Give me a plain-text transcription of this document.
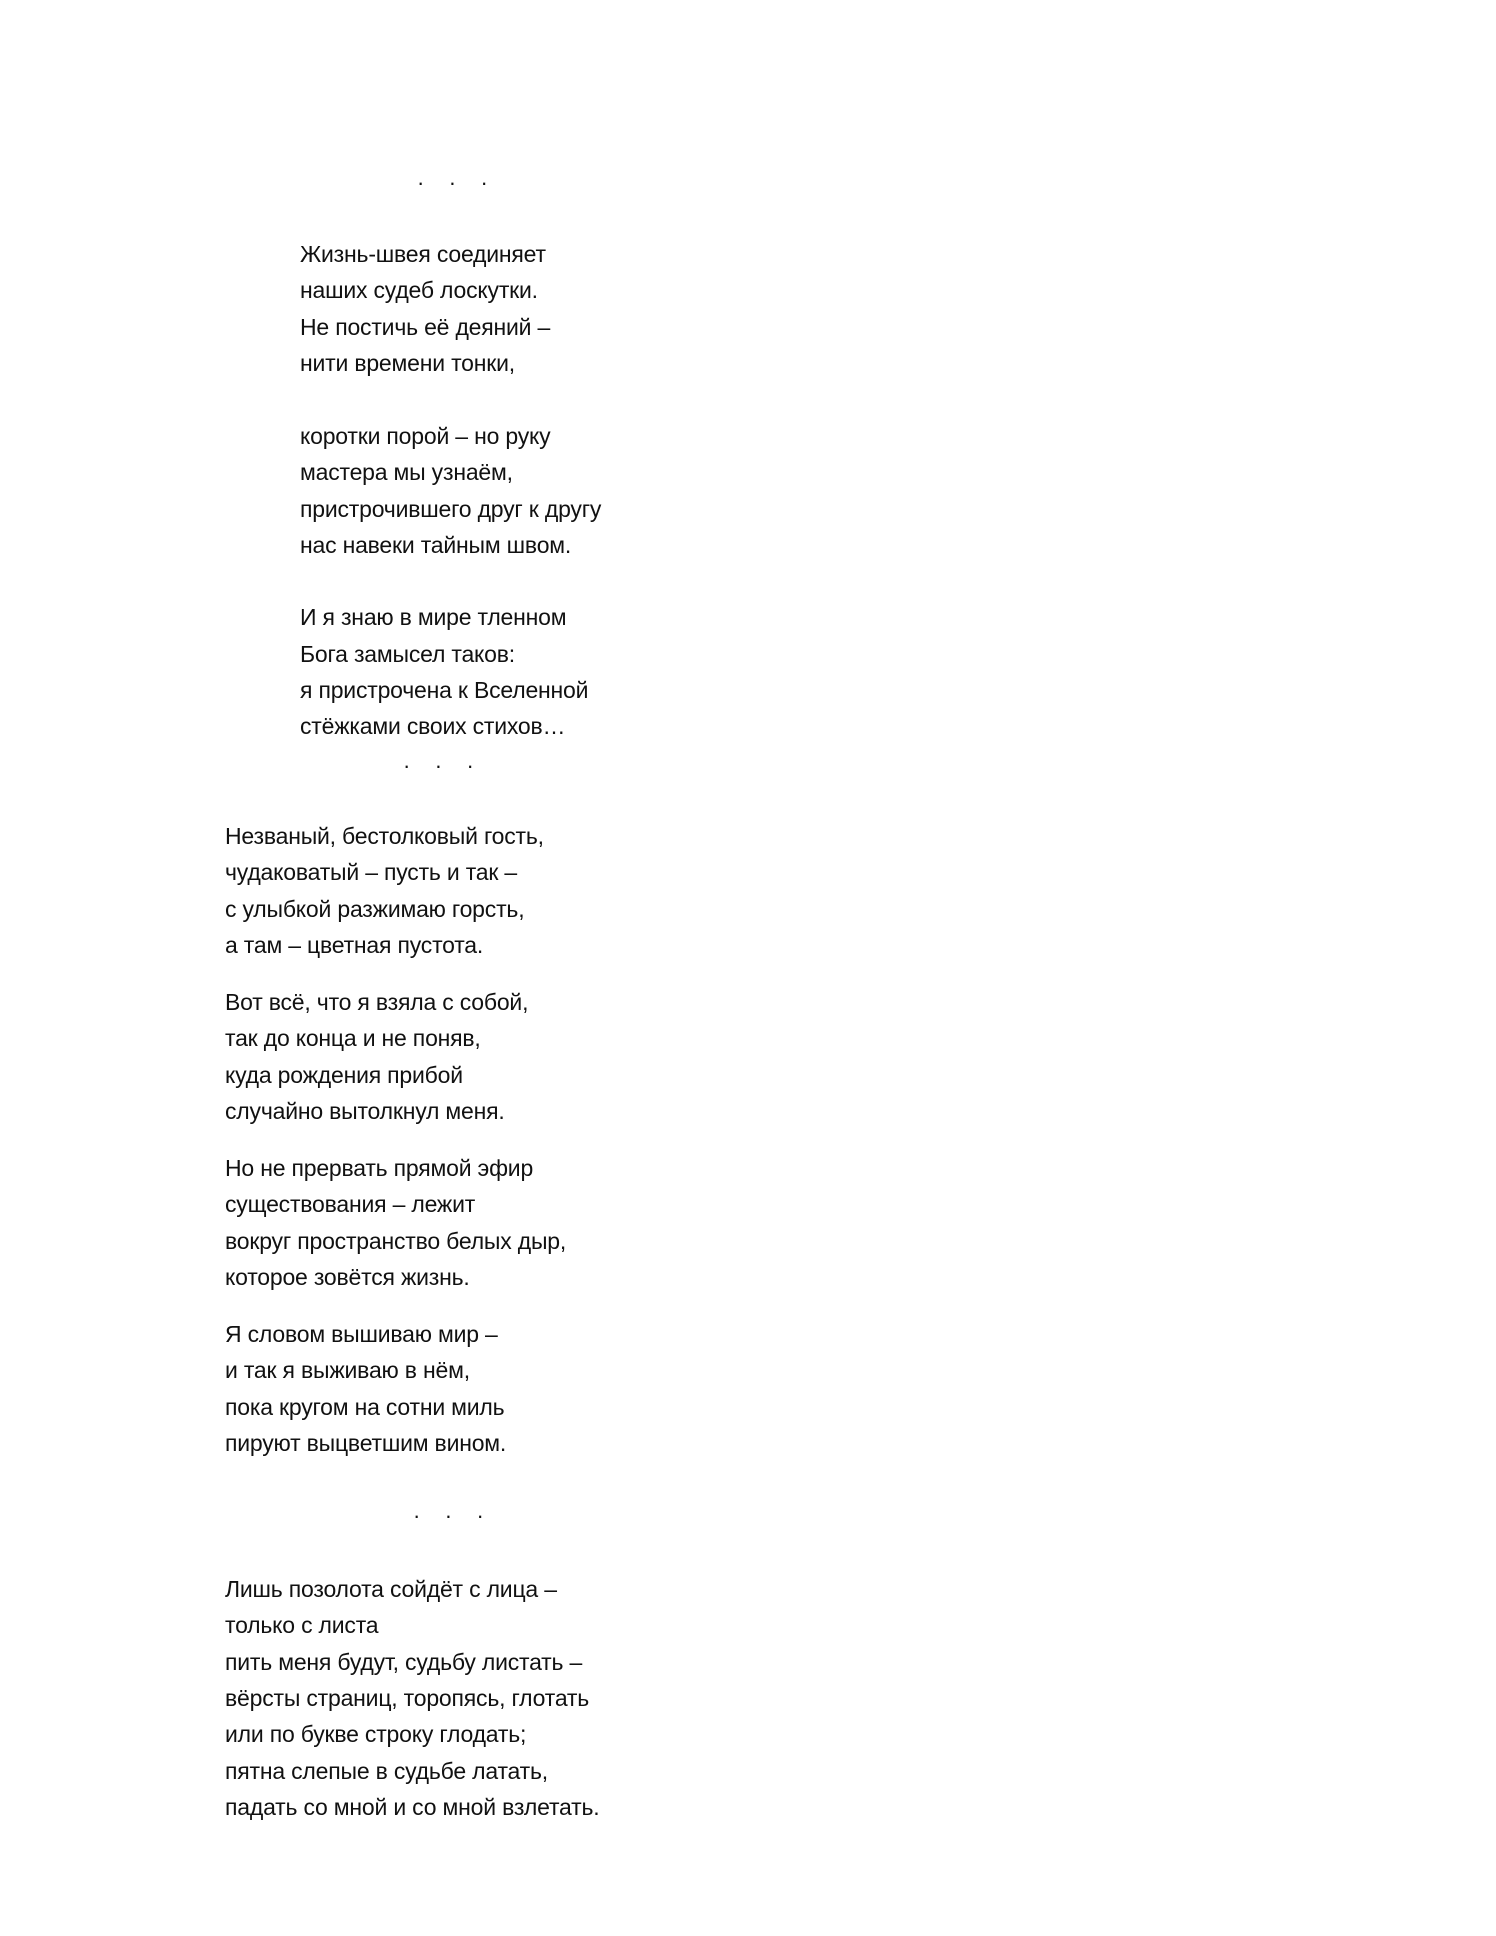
·    ·    ·
Жизнь-швея соединяет
наших судеб лоскутки.
Не постичь её деяний –
нити времени тонки,
коротки порой – но руку
мастера мы узнаём,
пристрочившего друг к другу
нас навеки тайным швом.
И я знаю в мире тленном
Бога замысел таков:
я пристрочена к Вселенной
стёжками своих стихов…
·    ·    ·
Незваный, бестолковый гость,
чудаковатый – пусть и так –
с улыбкой разжимаю горсть,
а там – цветная пустота.
Вот всё, что я взяла с собой,
так до конца и не поняв,
куда рождения прибой
случайно вытолкнул меня.
Но не прервать прямой эфир
существования – лежит
вокруг пространство белых дыр,
которое зовётся жизнь.
Я словом вышиваю мир –
и так я выживаю в нём,
пока кругом на сотни миль
пируют выцветшим вином.
·    ·    ·
Лишь позолота сойдёт с лица –
только с листа
пить меня будут, судьбу листать –
вёрсты страниц, торопясь, глотать
или по букве строку глодать;
пятна слепые в судьбе латать,
падать со мной и со мной взлетать.
